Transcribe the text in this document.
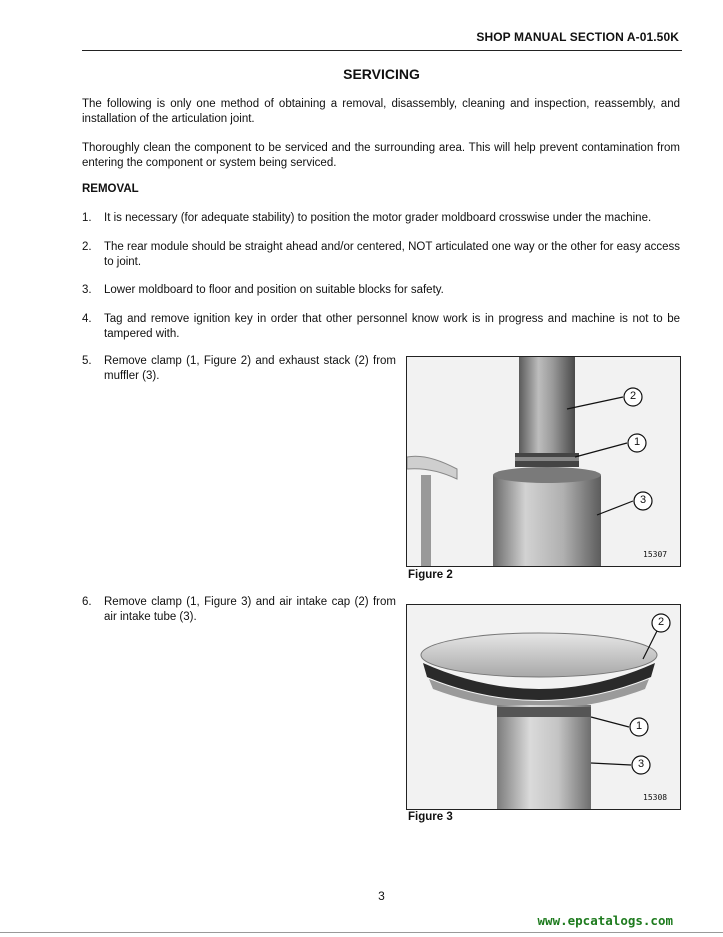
SHOP MANUAL SECTION A-01.50K
SERVICING
The following is only one method of obtaining a removal, disassembly, cleaning and inspection, reassembly, and installation of the articulation joint.
Thoroughly clean the component to be serviced and the surrounding area. This will help prevent contamination from entering the component or system being serviced.
REMOVAL
1.	It is necessary (for adequate stability) to position the motor grader moldboard crosswise under the machine.
2.	The rear module should be straight ahead and/or centered, NOT articulated one way or the other for easy access to joint.
3.	Lower moldboard to floor and position on suitable blocks for safety.
4.	Tag and remove ignition key in order that other personnel know work is in progress and machine is not to be tampered with.
5.	Remove clamp (1, Figure 2) and exhaust stack (2) from muffler (3).
6.	Remove clamp (1, Figure 3) and air intake cap (2) from air intake tube (3).
2
1
3
15307
Figure 2
2
1
3
15308
Figure 3
3
www.epcatalogs.com
